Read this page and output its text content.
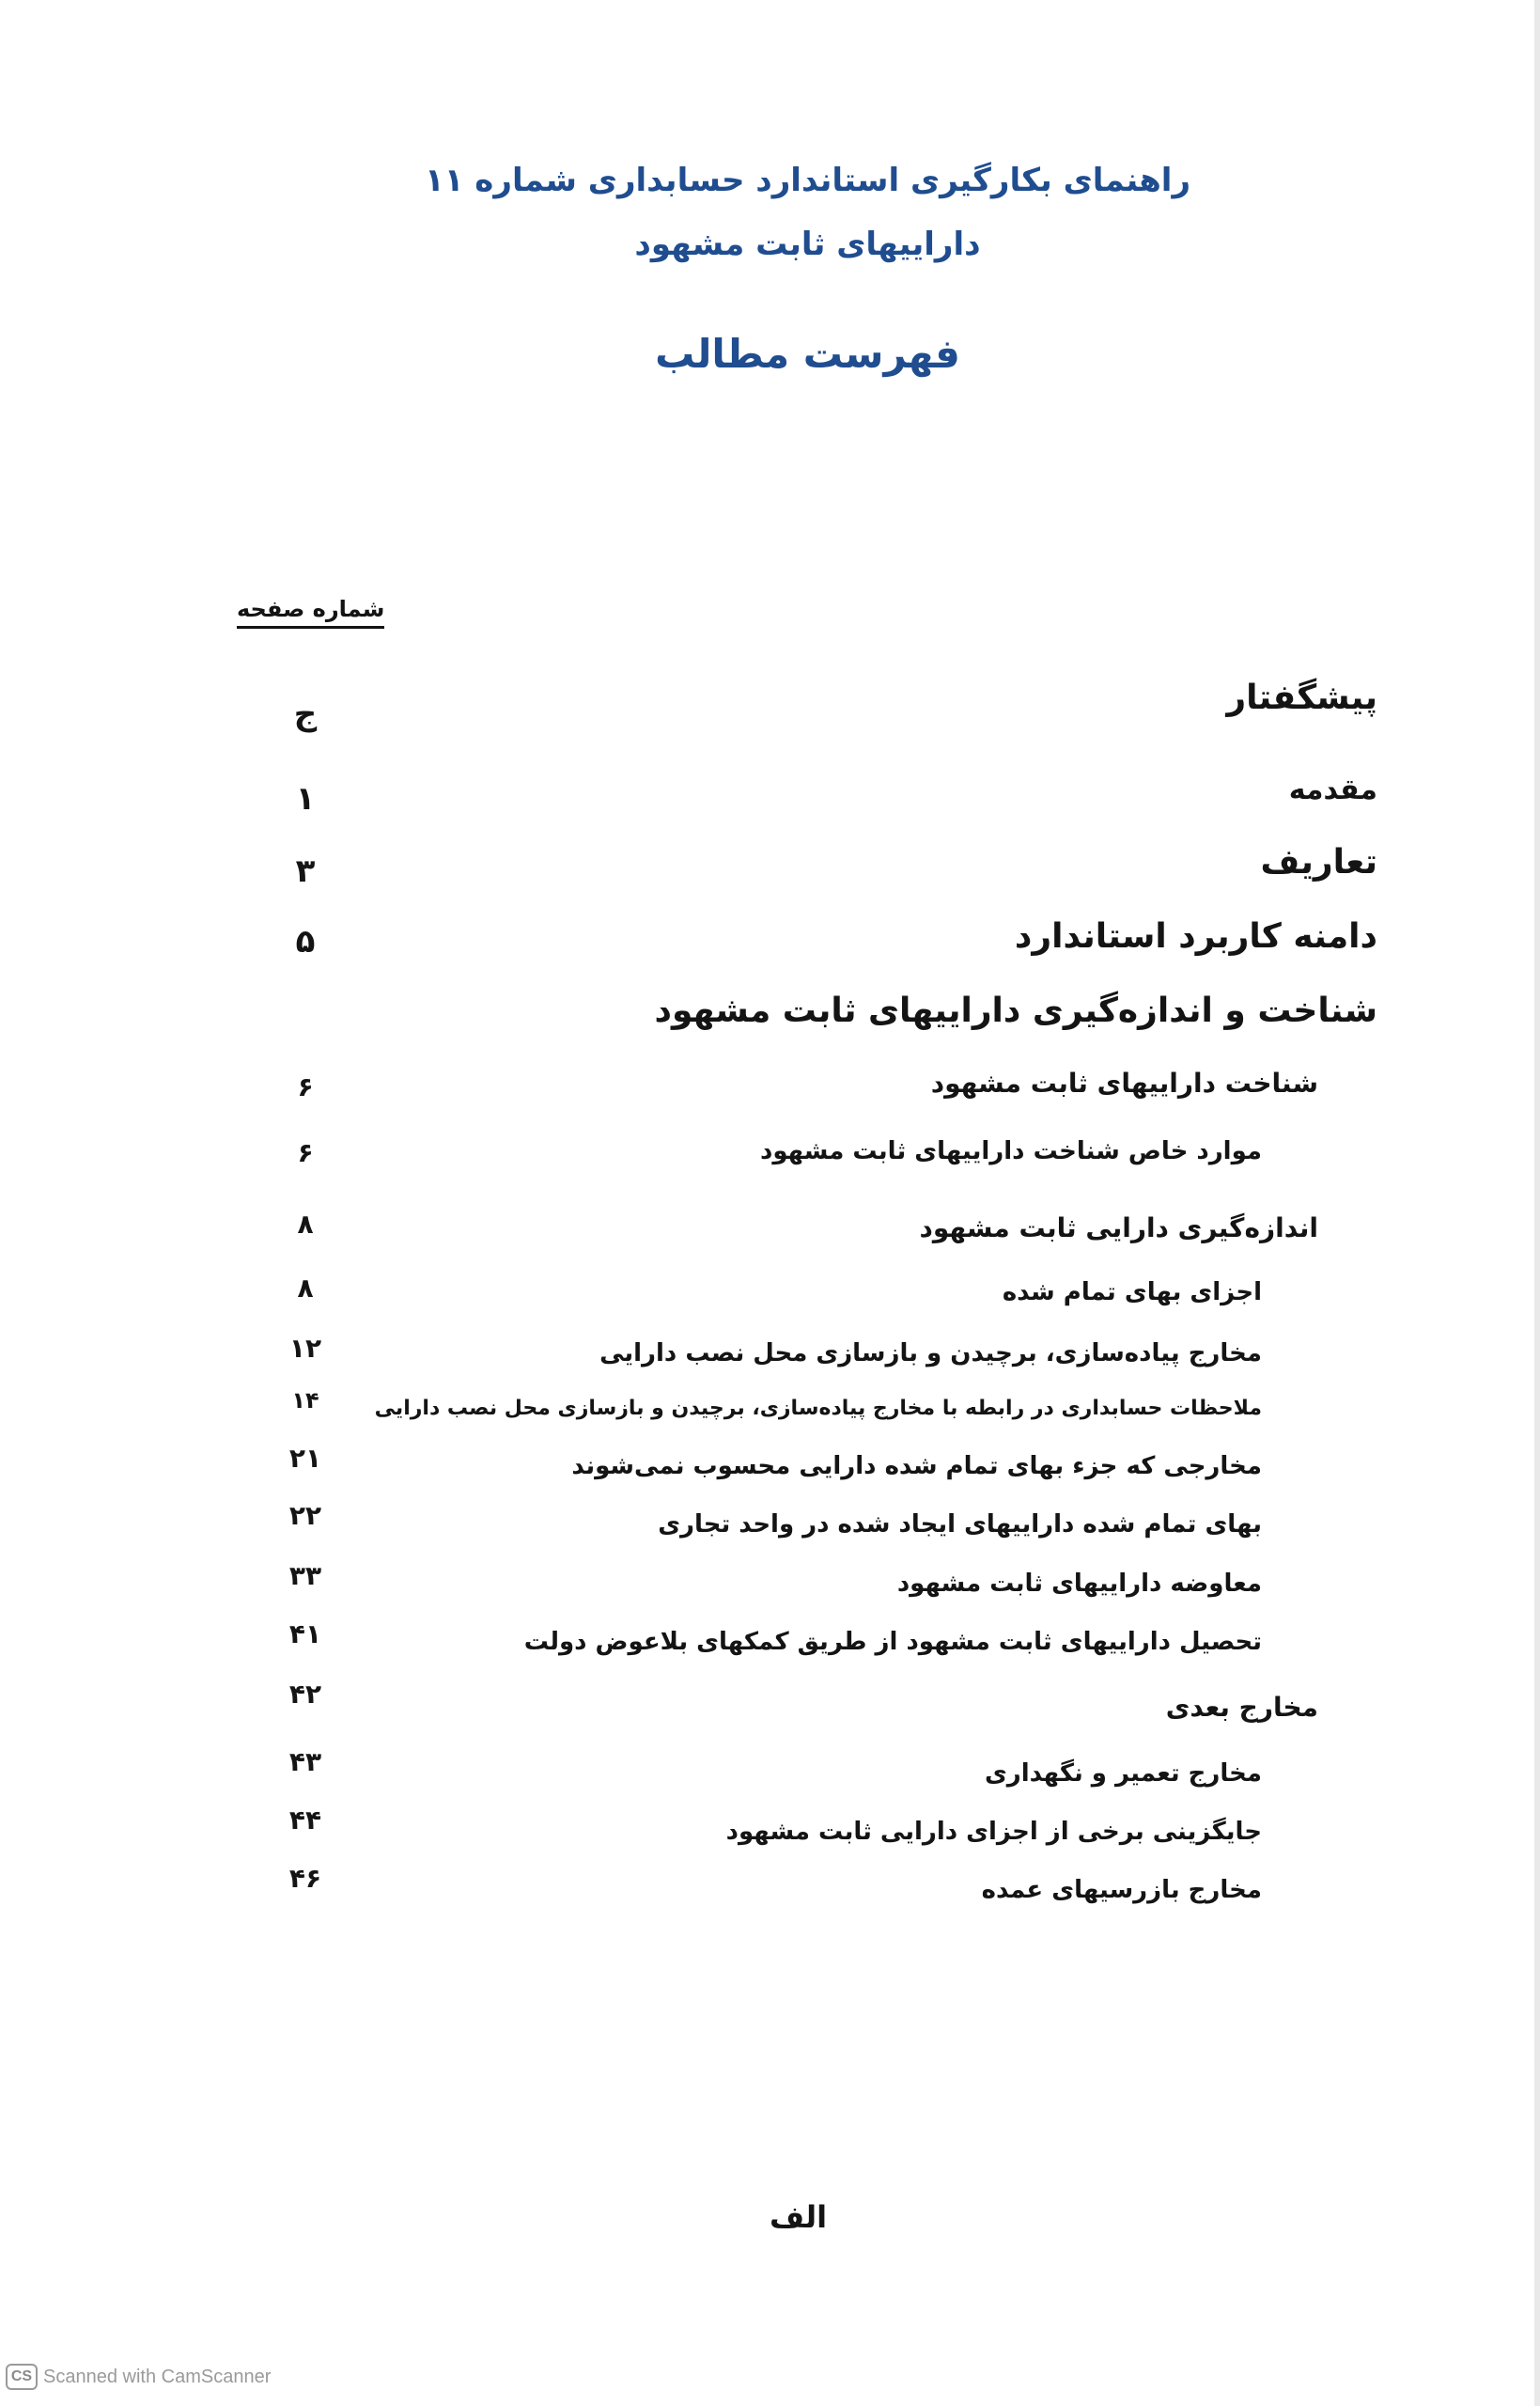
راهنمای بکارگیری استاندارد حسابداری شماره ۱۱
داراییهای ثابت مشهود
فهرست مطالب
شماره صفحه
پیشگفتار
ج
مقدمه
۱
تعاریف
۳
دامنه کاربرد استاندارد
۵
شناخت و اندازه‌گیری داراییهای ثابت مشهود
شناخت داراییهای ثابت مشهود
۶
موارد خاص شناخت داراییهای ثابت مشهود
۶
اندازه‌گیری دارایی ثابت مشهود
۸
اجزای بهای تمام شده
۸
مخارج پیاده‌سازی، برچیدن و بازسازی محل نصب دارایی
۱۲
ملاحظات حسابداری در رابطه با مخارج پیاده‌سازی، برچیدن و بازسازی محل نصب دارایی
۱۴
مخارجی که جزء بهای تمام شده دارایی محسوب نمی‌شوند
۲۱
بهای تمام شده داراییهای ایجاد شده در واحد تجاری
۲۲
معاوضه داراییهای ثابت مشهود
۳۳
تحصیل داراییهای ثابت مشهود از طریق کمکهای بلاعوض دولت
۴۱
مخارج بعدی
۴۲
مخارج تعمیر و نگهداری
۴۳
جایگزینی برخی از اجزای دارایی ثابت مشهود
۴۴
مخارج بازرسیهای عمده
۴۶
الف
CS Scanned with CamScanner
